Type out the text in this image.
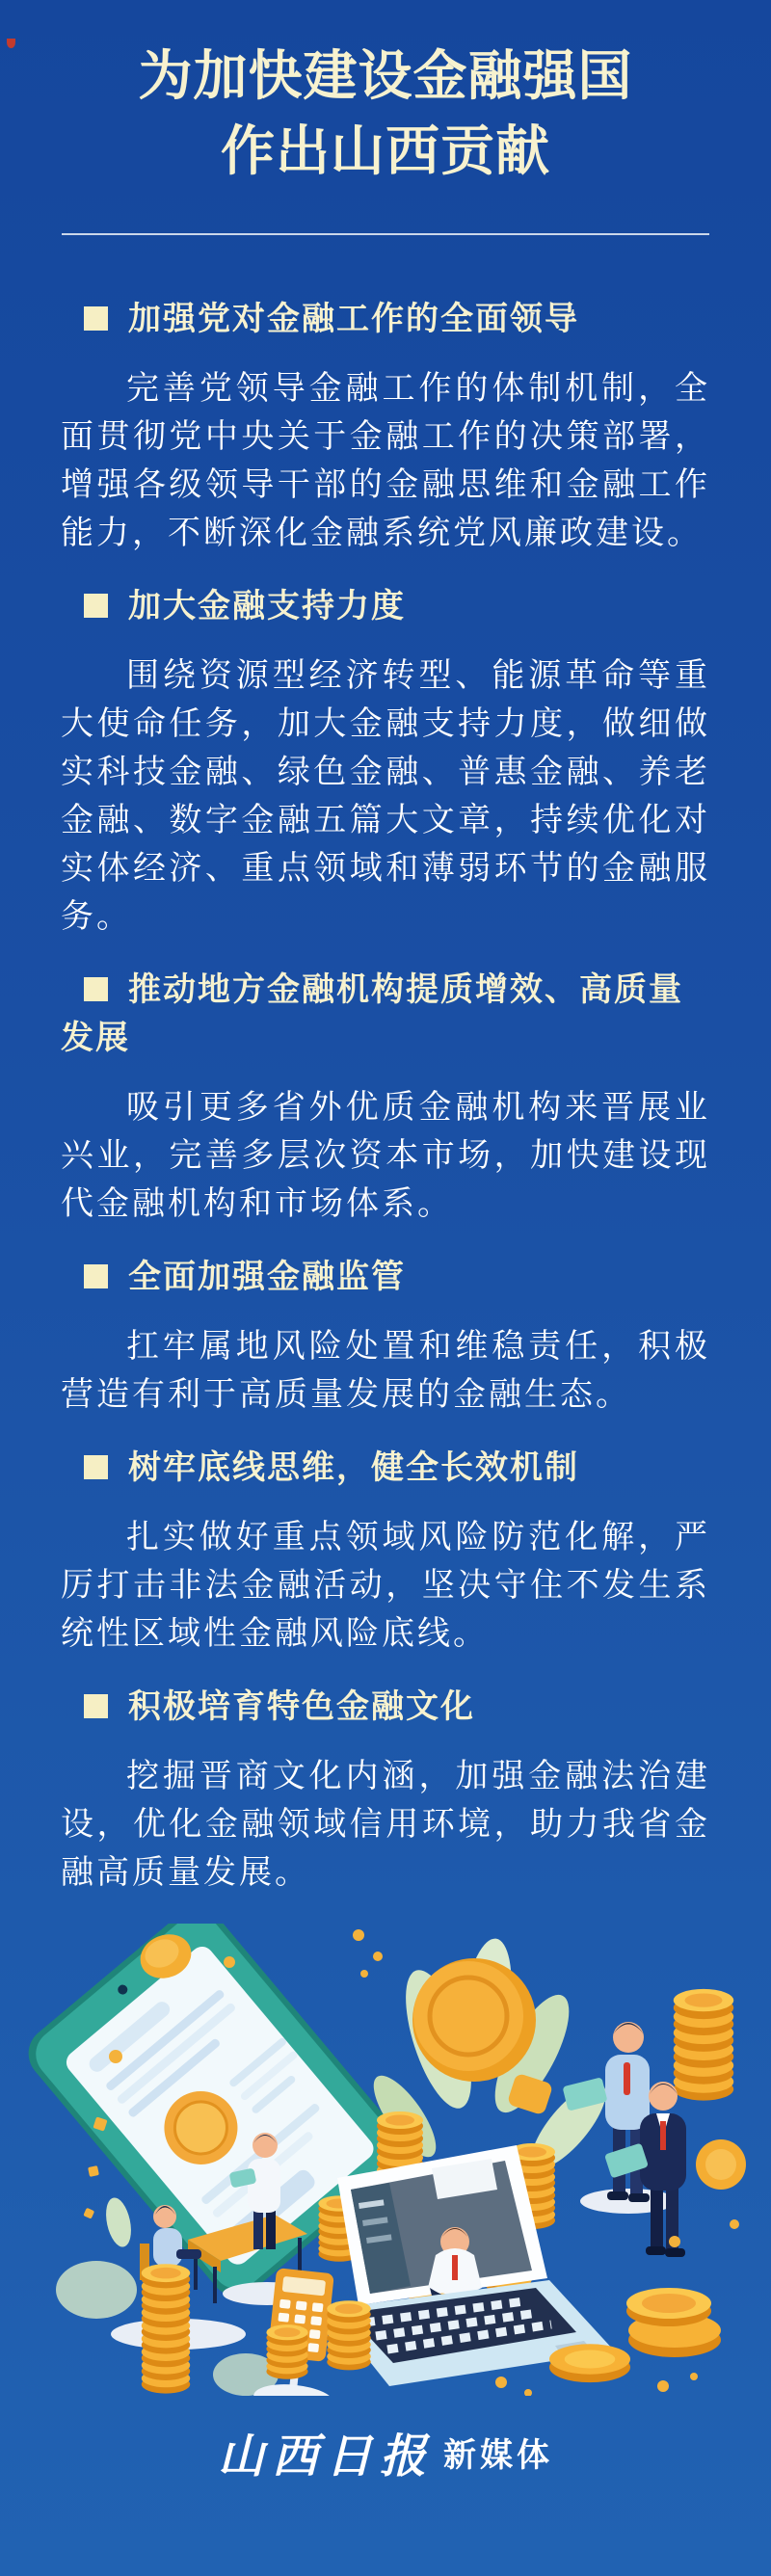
为加快建设金融强国
作出山西贡献
加强党对金融工作的全面领导

完善党领导金融工作的体制机制，全面贯彻党中央关于金融工作的决策部署，增强各级领导干部的金融思维和金融工作能力，不断深化金融系统党风廉政建设。

加大金融支持力度

围绕资源型经济转型、能源革命等重大使命任务，加大金融支持力度，做细做实科技金融、绿色金融、普惠金融、养老金融、数字金融五篇大文章，持续优化对实体经济、重点领域和薄弱环节的金融服务。

推动地方金融机构提质增效、高质量发展

吸引更多省外优质金融机构来晋展业兴业，完善多层次资本市场，加快建设现代金融机构和市场体系。

全面加强金融监管

扛牢属地风险处置和维稳责任，积极营造有利于高质量发展的金融生态。

树牢底线思维，健全长效机制

扎实做好重点领域风险防范化解，严厉打击非法金融活动，坚决守住不发生系统性区域性金融风险底线。

积极培育特色金融文化

挖掘晋商文化内涵，加强金融法治建设，优化金融领域信用环境，助力我省金融高质量发展。

山西日报 新媒体
